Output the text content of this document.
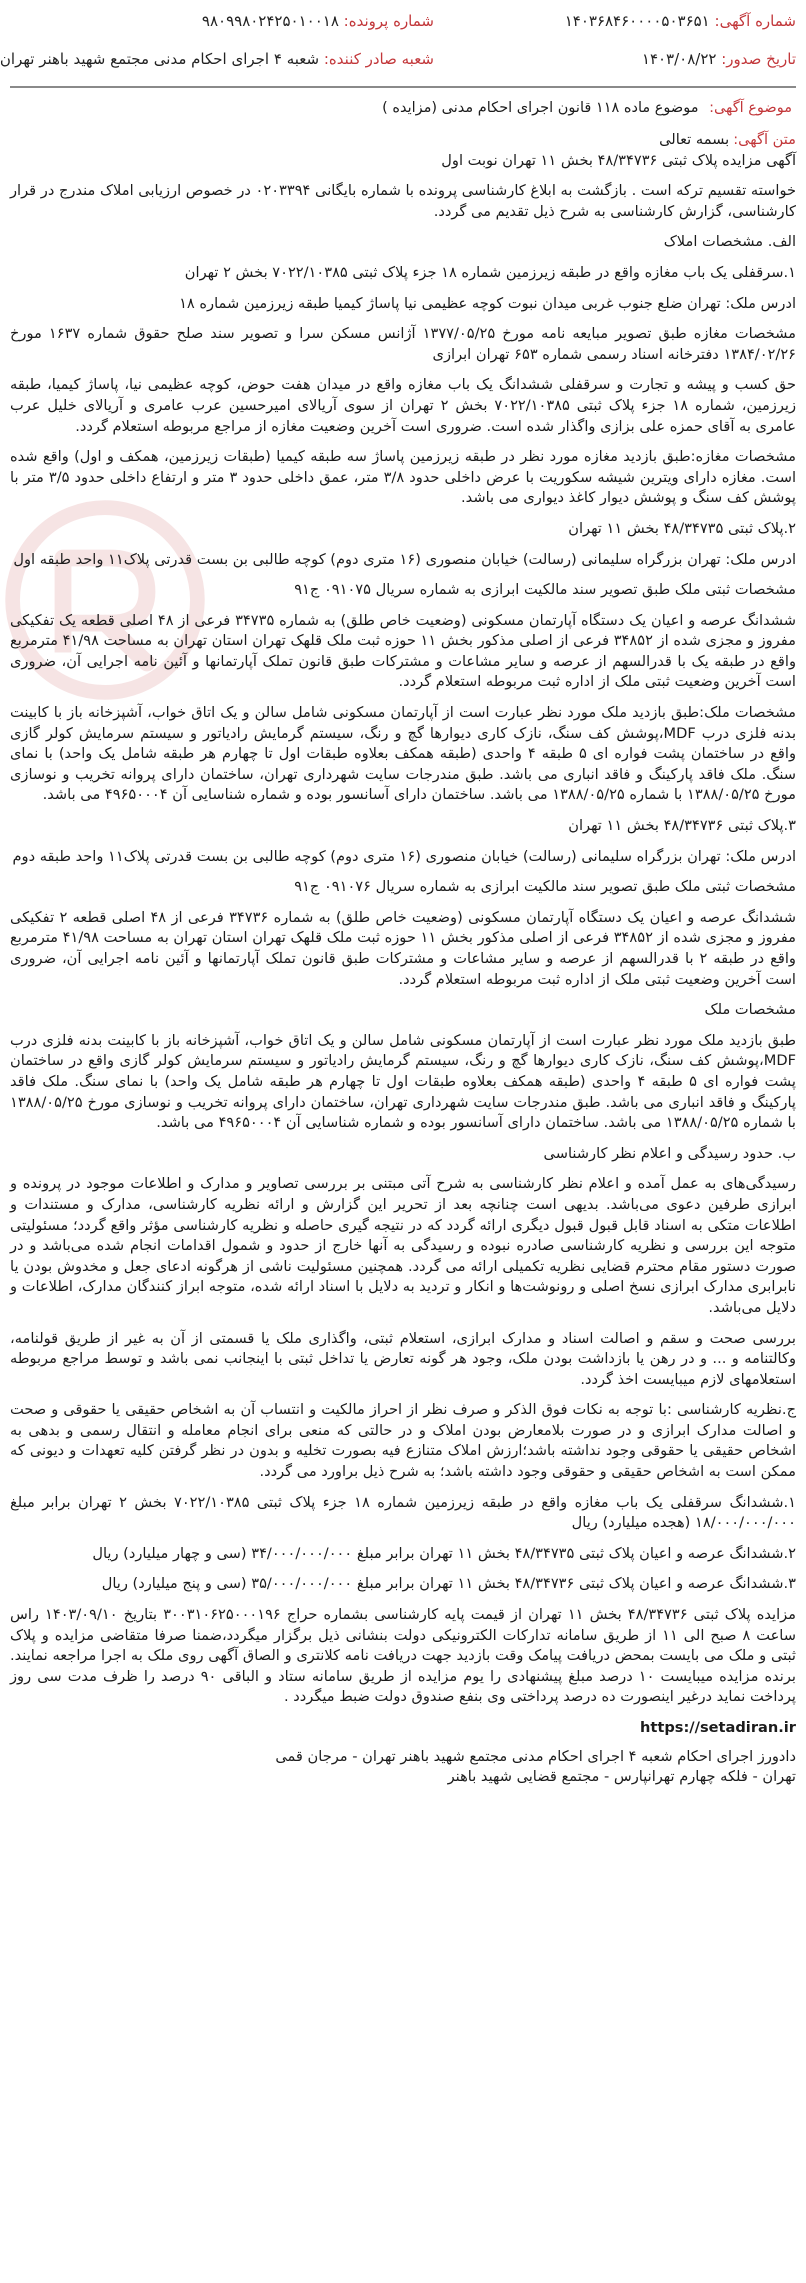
شماره آگهی: ۱۴۰۳۶۸۴۶۰۰۰۰۵۰۳۶۵۱
شماره پرونده: ۹۸۰۹۹۸۰۲۴۲۵۰۱۰۰۱۸
تاریخ صدور: ۱۴۰۳/۰۸/۲۲
شعبه صادر کننده: شعبه ۴ اجرای احکام مدنی مجتمع شهید باهنر تهران
موضوع آگهی: موضوع ماده ۱۱۸ قانون اجرای احکام مدنی (مزایده )

متن آگهی:بسمه تعالی

آگهی مزایده پلاک ثبتی ۴۸/۳۴۷۳۶ بخش ۱۱ تهران نوبت اول

خواسته تقسیم ترکه است . بازگشت به ابلاغ کارشناسی پرونده با شماره بایگانی ۰۲۰۳۳۹۴ در خصوص ارزیابی املاک مندرج در قرار کارشناسی، گزارش کارشناسی به شرح ذیل تقدیم می گردد.

الف. مشخصات املاک

۱.سرقفلی یک باب مغازه واقع در طبقه زیرزمین شماره ۱۸ جزء پلاک ثبتی ۷۰۲۲/۱۰۳۸۵ بخش ۲ تهران

ادرس ملک: تهران ضلع جنوب غربی میدان نبوت کوچه عظیمی نیا پاساژ کیمیا طبقه زیرزمین شماره ۱۸

مشخصات مغازه طبق تصویر مبایعه نامه مورخ ۱۳۷۷/۰۵/۲۵ آژانس مسکن سرا و تصویر سند صلح حقوق شماره ۱۶۳۷ مورخ ۱۳۸۴/۰۲/۲۶ دفترخانه اسناد رسمی شماره ۶۵۳ تهران ابرازی

حق کسب و پیشه و تجارت و سرقفلی ششدانگ یک باب مغازه واقع در میدان هفت حوض، کوچه عظیمی نیا، پاساژ کیمیا، طبقه زیرزمین، شماره ۱۸ جزء پلاک ثبتی ۷۰۲۲/۱۰۳۸۵ بخش ۲ تهران از سوی آریالای امیرحسین عرب عامری و آریالای خلیل عرب عامری به آقای حمزه علی بزازی واگذار شده است. ضروری است آخرین وضعیت مغازه از مراجع مربوطه استعلام گردد.

مشخصات مغازه:طبق بازدید مغازه مورد نظر در طبقه زیرزمین پاساژ سه طبقه کیمیا (طبقات زیرزمین، همکف و اول) واقع شده است. مغازه دارای ویترین شیشه سکوریت با عرض داخلی حدود ۳/۸ متر، عمق داخلی حدود ۳ متر و ارتفاع داخلی حدود ۳/۵ متر با پوشش کف سنگ و پوشش دیوار کاغذ دیواری می باشد.

۲.پلاک ثبتی ۴۸/۳۴۷۳۵ بخش ۱۱ تهران

ادرس ملک: تهران بزرگراه سلیمانی (رسالت) خیابان منصوری (۱۶ متری دوم) کوچه طالبی بن بست قدرتی پلاک۱۱ واحد طبقه اول

مشخصات ثبتی ملک طبق تصویر سند مالکیت ابرازی به شماره سریال ۰۹۱۰۷۵ ج۹۱

ششدانگ عرصه و اعیان یک دستگاه آپارتمان مسکونی (وضعیت خاص طلق) به شماره ۳۴۷۳۵ فرعی از ۴۸ اصلی قطعه یک تفکیکی مفروز و مجزی شده از ۳۴۸۵۲ فرعی از اصلی مذکور بخش ۱۱ حوزه ثبت ملک قلهک تهران استان تهران به مساحت ۴۱/۹۸ مترمربع واقع در طبقه یک با قدرالسهم از عرصه و سایر مشاعات و مشترکات طبق قانون تملک آپارتمانها و آئین نامه اجرایی آن، ضروری است آخرین وضعیت ثبتی ملک از اداره ثبت مربوطه استعلام گردد.

مشخصات ملک:طبق بازدید ملک مورد نظر عبارت است از آپارتمان مسکونی شامل سالن و یک اتاق خواب، آشپزخانه باز با کابینت بدنه فلزی درب MDF،پوشش کف سنگ، نازک کاری دیوارها گچ و رنگ، سیستم گرمایش رادیاتور و سیستم سرمایش کولر گازی واقع در ساختمان پشت فواره ای ۵ طبقه ۴ واحدی (طبقه همکف بعلاوه طبقات اول تا چهارم هر طبقه شامل یک واحد) با نمای سنگ. ملک فاقد پارکینگ و فاقد انباری می باشد. طبق مندرجات سایت شهرداری تهران، ساختمان دارای پروانه تخریب و نوسازی مورخ ۱۳۸۸/۰۵/۲۵ با شماره ۱۳۸۸/۰۵/۲۵ می باشد. ساختمان دارای آسانسور بوده و شماره شناسایی آن ۴۹۶۵۰۰۰۴ می باشد.

۳.پلاک ثبتی ۴۸/۳۴۷۳۶ بخش ۱۱ تهران

ادرس ملک: تهران بزرگراه سلیمانی (رسالت) خیابان منصوری (۱۶ متری دوم) کوچه طالبی بن بست قدرتی پلاک۱۱ واحد طبقه دوم

مشخصات ثبتی ملک طبق تصویر سند مالکیت ابرازی به شماره سریال ۰۹۱۰۷۶ ج۹۱

ششدانگ عرصه و اعیان یک دستگاه آپارتمان مسکونی (وضعیت خاص طلق) به شماره ۳۴۷۳۶ فرعی از ۴۸ اصلی قطعه ۲ تفکیکی مفروز و مجزی شده از ۳۴۸۵۲ فرعی از اصلی مذکور بخش ۱۱ حوزه ثبت ملک قلهک تهران استان تهران به مساحت ۴۱/۹۸ مترمربع واقع در طبقه ۲ با قدرالسهم از عرصه و سایر مشاعات و مشترکات طبق قانون تملک آپارتمانها و آئین نامه اجرایی آن، ضروری است آخرین وضعیت ثبتی ملک از اداره ثبت مربوطه استعلام گردد.

مشخصات ملک

طبق بازدید ملک مورد نظر عبارت است از آپارتمان مسکونی شامل سالن و یک اتاق خواب، آشپزخانه باز با کابینت بدنه فلزی درب MDF،پوشش کف سنگ، نازک کاری دیوارها گچ و رنگ، سیستم گرمایش رادیاتور و سیستم سرمایش کولر گازی واقع در ساختمان پشت فواره ای ۵ طبقه ۴ واحدی (طبقه همکف بعلاوه طبقات اول تا چهارم هر طبقه شامل یک واحد) با نمای سنگ. ملک فاقد پارکینگ و فاقد انباری می باشد. طبق مندرجات سایت شهرداری تهران، ساختمان دارای پروانه تخریب و نوسازی مورخ ۱۳۸۸/۰۵/۲۵ با شماره ۱۳۸۸/۰۵/۲۵ می باشد. ساختمان دارای آسانسور بوده و شماره شناسایی آن ۴۹۶۵۰۰۰۴ می باشد.

ب. حدود رسیدگی و اعلام نظر کارشناسی

رسیدگی‌های به عمل آمده و اعلام نظر کارشناسی به شرح آتی مبتنی بر بررسی تصاویر و مدارک و اطلاعات موجود در پرونده و ابرازی طرفین دعوی می‌باشد. بدیهی است چنانچه بعد از تحریر این گزارش و ارائه نظریه کارشناسی، مدارک و مستندات و اطلاعات متکی به اسناد قابل قبول قبول دیگری ارائه گردد که در نتیجه گیری حاصله و نظریه کارشناسی مؤثر واقع گردد؛ مسئولیتی متوجه این بررسی و نظریه کارشناسی صادره نبوده و رسیدگی به آنها خارج از حدود و شمول اقدامات انجام شده می‌باشد و در صورت دستور مقام محترم قضایی نظریه تکمیلی ارائه می گردد. همچنین مسئولیت ناشی از هرگونه ادعای جعل و مخدوش بودن یا نابرابری مدارک ابرازی نسخ اصلی و رونوشت‌ها و انکار و تردید به دلایل با اسناد ارائه شده، متوجه ابراز کنندگان مدارک، اطلاعات و دلایل می‌باشد.

بررسی صحت و سقم و اصالت اسناد و مدارک ابرازی، استعلام ثبتی، واگذاری ملک یا قسمتی از آن به غیر از طریق قولنامه، وکالتنامه و ... و در رهن یا بازداشت بودن ملک، وجود هر گونه تعارض یا تداخل ثبتی با اینجانب نمی باشد و توسط مراجع مربوطه استعلامهای لازم میبایست اخذ گردد.

ج.نظریه کارشناسی :با توجه به نکات فوق الذکر و صرف نظر از احراز مالکیت و انتساب آن به اشخاص حقیقی یا حقوقی و صحت و اصالت مدارک ابرازی و در صورت بلامعارض بودن املاک و در حالتی که منعی برای انجام معامله و انتقال رسمی و بدهی به اشخاص حقیقی یا حقوقی وجود نداشته باشد؛ارزش املاک متنازع فیه بصورت تخلیه و بدون در نظر گرفتن کلیه تعهدات و دیونی که ممکن است به اشخاص حقیقی و حقوقی وجود داشته باشد؛ به شرح ذیل براورد می گردد.

۱.ششدانگ سرقفلی یک باب مغازه واقع در طبقه زیرزمین شماره ۱۸ جزء پلاک ثبتی ۷۰۲۲/۱۰۳۸۵ بخش ۲ تهران برابر مبلغ ۱۸/۰۰۰/۰۰۰/۰۰۰ (هجده میلیارد) ریال

۲.ششدانگ عرصه و اعیان پلاک ثبتی ۴۸/۳۴۷۳۵ بخش ۱۱ تهران برابر مبلغ ۳۴/۰۰۰/۰۰۰/۰۰۰ (سی و چهار میلیارد) ریال

۳.ششدانگ عرصه و اعیان پلاک ثبتی ۴۸/۳۴۷۳۶ بخش ۱۱ تهران برابر مبلغ ۳۵/۰۰۰/۰۰۰/۰۰۰ (سی و پنج میلیارد) ریال

مزایده پلاک ثبتی ۴۸/۳۴۷۳۶ بخش ۱۱ تهران از قیمت پایه کارشناسی بشماره حراج ۳۰۰۳۱۰۶۲۵۰۰۰۱۹۶ بتاریخ ۱۴۰۳/۰۹/۱۰ راس ساعت ۸ صبح الی ۱۱ از طریق سامانه تدارکات الکترونیکی دولت بنشانی ذیل برگزار میگردد،ضمنا صرفا متقاضی مزایده و پلاک ثبتی و ملک می بایست بمحض دریافت پیامک وقت بازدید جهت دریافت نامه کلانتری و الصاق آگهی روی ملک به اجرا مراجعه نمایند. برنده مزایده میبایست ۱۰ درصد مبلغ پیشنهادی را یوم مزایده از طریق سامانه ستاد و الباقی ۹۰ درصد را ظرف مدت سی روز پرداخت نماید درغیر اینصورت ده درصد پرداختی وی بنفع صندوق دولت ضبط میگردد .

https://setadiran.ir

دادورز اجرای احکام شعبه ۴ اجرای احکام مدنی مجتمع شهید باهنر تهران - مرجان قمی

تهران - فلکه چهارم تهرانپارس - مجتمع قضایی شهید باهنر
